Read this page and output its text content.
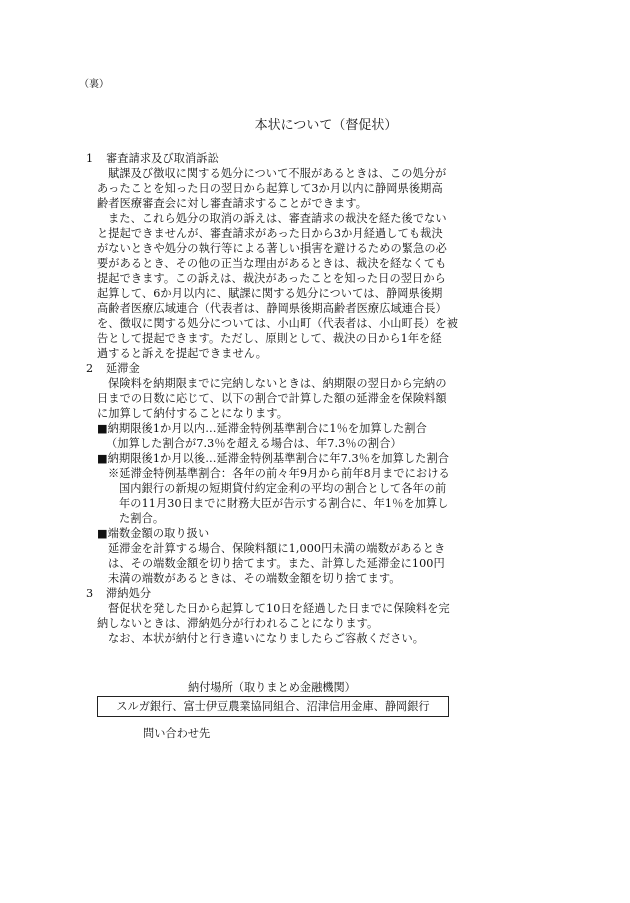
（裏）
本状について（督促状）
1 審査請求及び取消訴訟
賦課及び徴収に関する処分について不服があるときは、この処分が
あったことを知った日の翌日から起算して3か月以内に静岡県後期高
齢者医療審査会に対し審査請求することができます。
また、これら処分の取消の訴えは、審査請求の裁決を経た後でない
と提起できませんが、審査請求があった日から3か月経過しても裁決
がないときや処分の執行等による著しい損害を避けるための緊急の必
要があるとき、その他の正当な理由があるときは、裁決を経なくても
提起できます。この訴えは、裁決があったことを知った日の翌日から
起算して、6か月以内に、賦課に関する処分については、静岡県後期
高齢者医療広域連合（代表者は、静岡県後期高齢者医療広域連合長）
を、徴収に関する処分については、小山町（代表者は、小山町長）を被
告として提起できます。ただし、原則として、裁決の日から1年を経
過すると訴えを提起できません。
2 延滞金
保険料を納期限までに完納しないときは、納期限の翌日から完納の
日までの日数に応じて、以下の割合で計算した額の延滞金を保険料額
に加算して納付することになります。
■納期限後1か月以内…延滞金特例基準割合に1％を加算した割合
（加算した割合が7.3％を超える場合は、年7.3％の割合）
■納期限後1か月以後…延滞金特例基準割合に年7.3％を加算した割合
※延滞金特例基準割合：各年の前々年9月から前年8月までにおける
国内銀行の新規の短期貸付約定金利の平均の割合として各年の前
年の11月30日までに財務大臣が告示する割合に、年1％を加算し
た割合。
■端数金額の取り扱い
延滞金を計算する場合、保険料額に1,000円未満の端数があるとき
は、その端数金額を切り捨てます。また、計算した延滞金に100円
未満の端数があるときは、その端数金額を切り捨てます。
3 滞納処分
督促状を発した日から起算して10日を経過した日までに保険料を完
納しないときは、滞納処分が行われることになります。
なお、本状が納付と行き違いになりましたらご容赦ください。
納付場所（取りまとめ金融機関）
スルガ銀行、富士伊豆農業協同組合、沼津信用金庫、静岡銀行
問い合わせ先
